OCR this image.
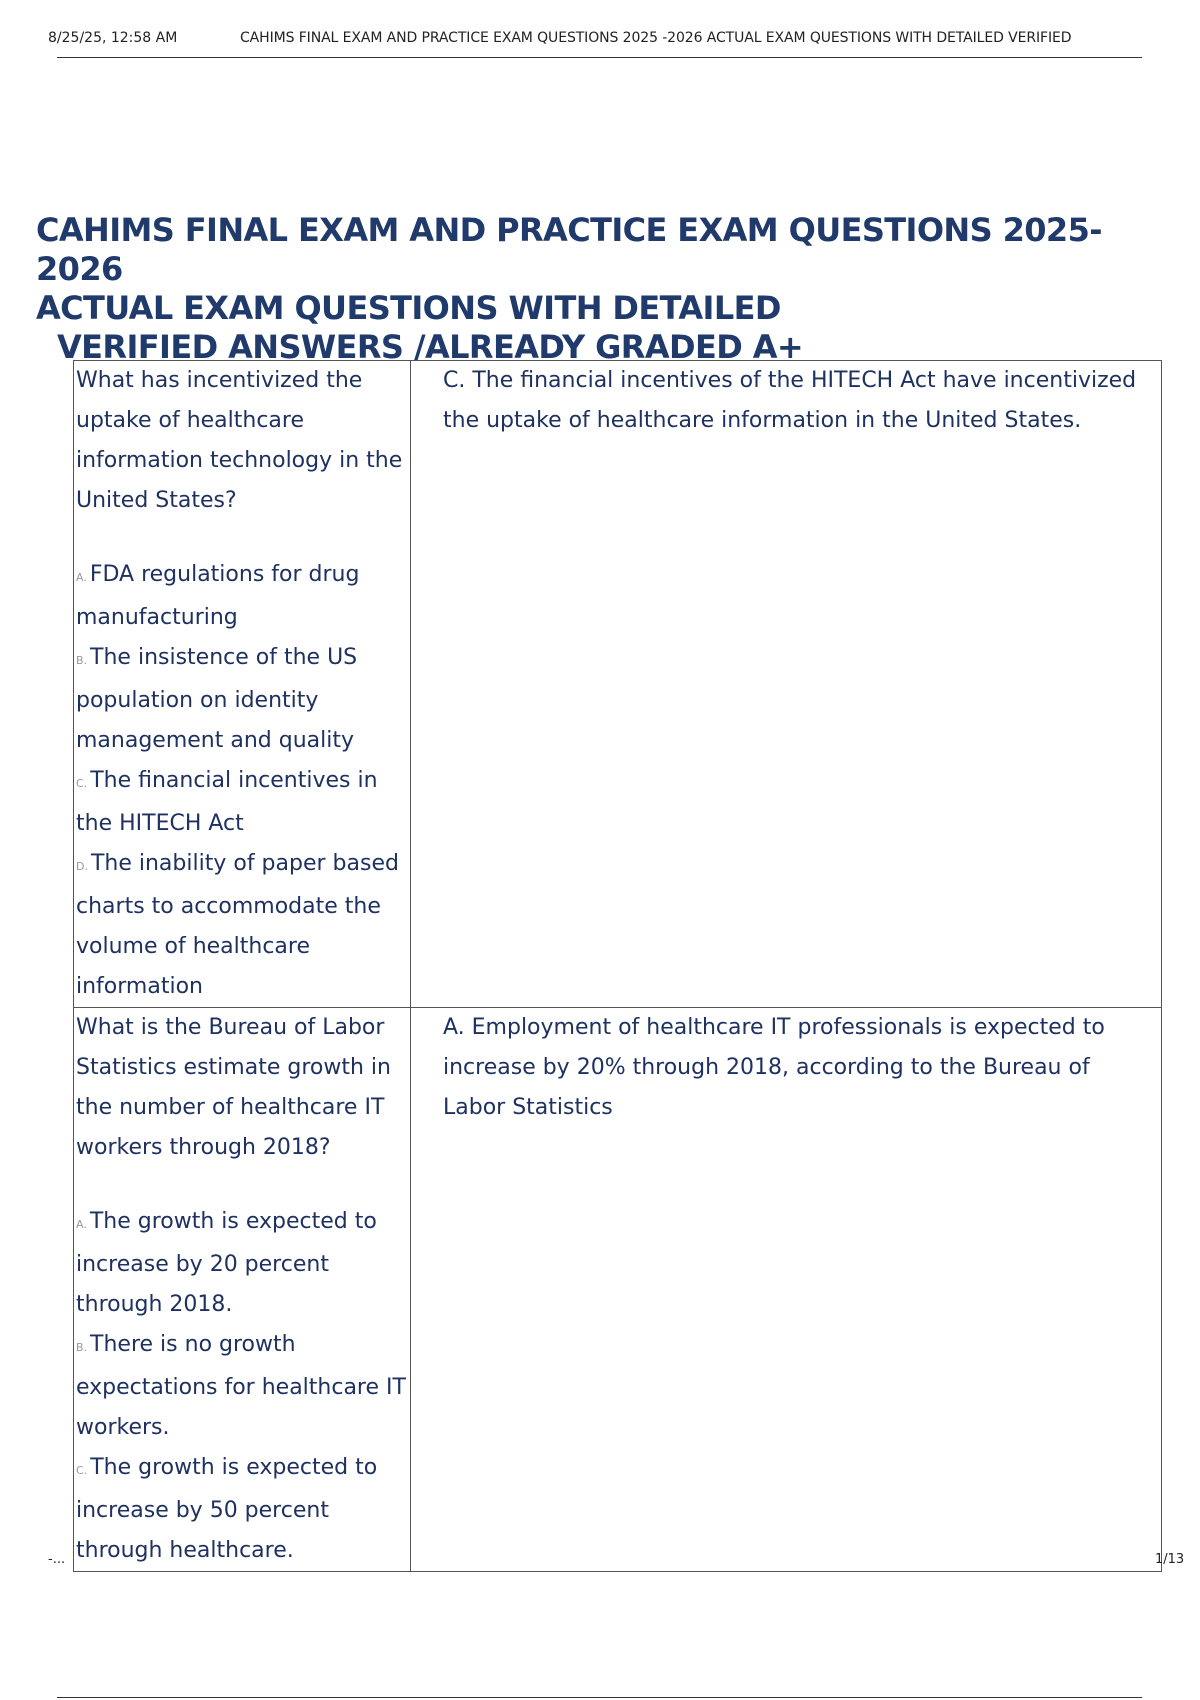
8/25/25, 12:58 AM	CAHIMS FINAL EXAM AND PRACTICE EXAM QUESTIONS 2025 -2026 ACTUAL EXAM QUESTIONS WITH DETAILED VERIFIED
CAHIMS FINAL EXAM AND PRACTICE EXAM QUESTIONS 2025-2026
ACTUAL EXAM QUESTIONS WITH DETAILED

VERIFIED ANSWERS /ALREADY GRADED A+
What has incentivized the uptake of healthcare information technology in the United States?
A. FDA regulations for drug manufacturing
B. The insistence of the US population on identity management and quality
C. The financial incentives in the HITECH Act
D. The inability of paper based charts to accommodate the volume of healthcare information	C. The financial incentives of the HITECH Act have incentivized the uptake of healthcare information in the United States.

What is the Bureau of Labor Statistics estimate growth in the number of healthcare IT workers through 2018?
A. The growth is expected to increase by 20 percent through 2018.
B. There is no growth expectations for healthcare IT workers.
C. The growth is expected to increase by 50 percent through healthcare.	A. Employment of healthcare IT professionals is expected to increase by 20% through 2018, according to the Bureau of Labor Statistics
-...	1/13
